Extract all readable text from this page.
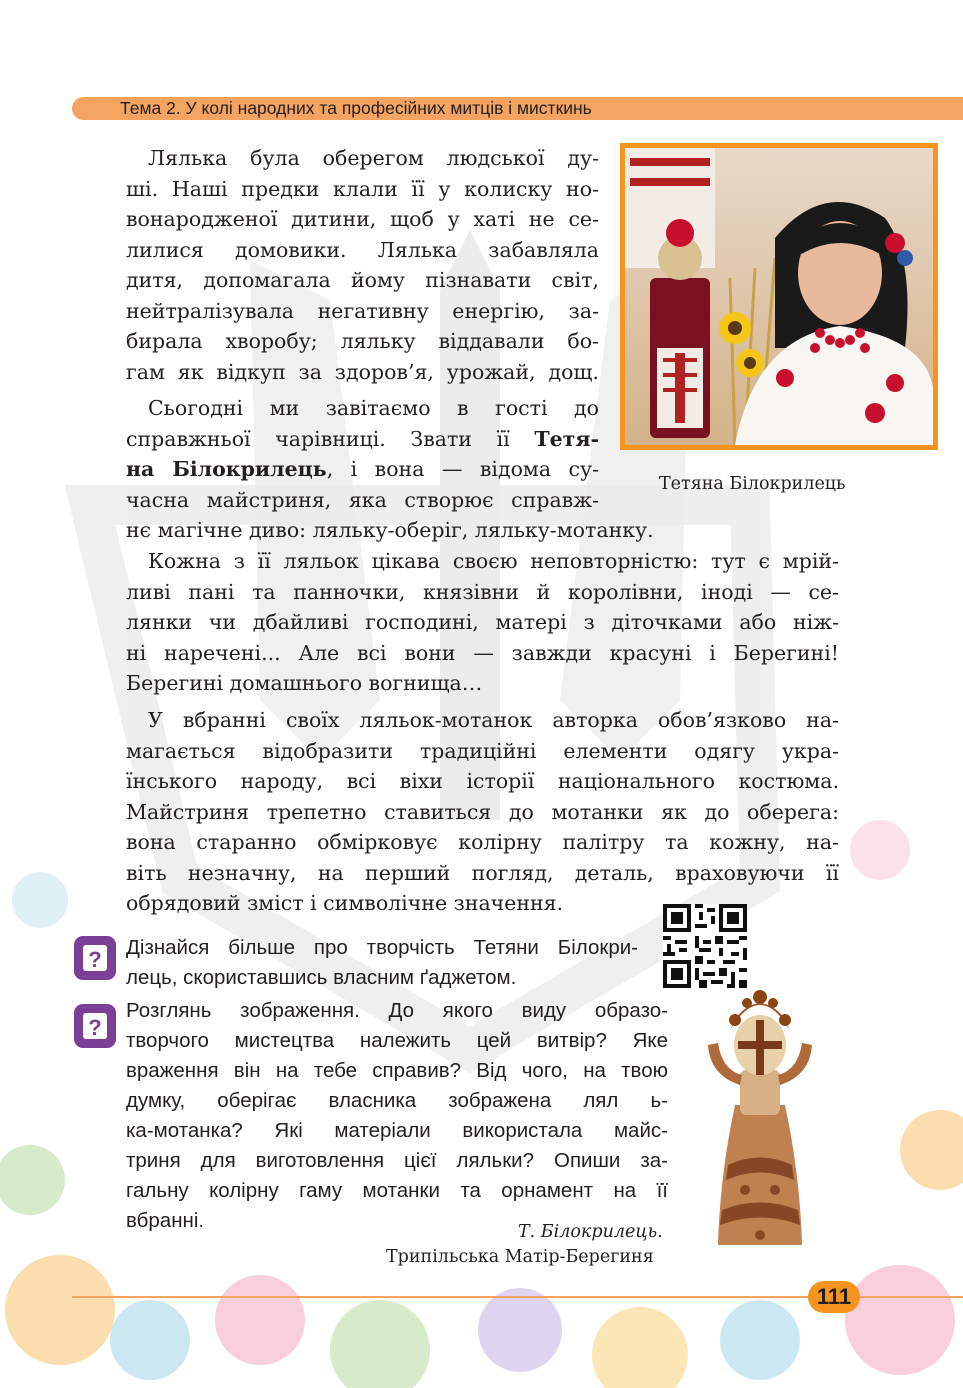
Тема 2. У колі народних та професійних митців і мисткинь
Лялька була оберегом людської ду-
ші. Наші предки клали її у колиску но-
вонародженої дитини, щоб у хаті не се-
лилися домовики. Лялька забавляла
дитя, допомагала йому пізнавати світ,
нейтралізувала негативну енергію, за-
бирала хворобу; ляльку віддавали бо-
гам як відкуп за здоров’я, урожай, дощ.
Сьогодні ми завітаємо в гості до
справжньої чарівниці. Звати її Тетя-
на Білокрилець, і вона — відома су-
часна майстриня, яка створює справж-
нє магічне диво: ляльку-оберіг, ляльку-мотанку.
Тетяна Білокрилець
Кожна з її ляльок цікава своєю неповторністю: тут є мрій-
ливі пані та панночки, князівни й королівни, іноді — се-
лянки чи дбайливі господині, матері з діточками або ніж-
ні наречені... Але всі вони — завжди красуні і Берегині!
Берегині домашнього вогнища…
У вбранні своїх ляльок-мотанок авторка обов’язково на-
магається відобразити традиційні елементи одягу укра-
їнського народу, всі віхи історії національного костюма.
Майстриня трепетно ставиться до мотанки як до оберега:
вона старанно обмірковує колірну палітру та кожну, на-
віть незначну, на перший погляд, деталь, враховуючи її
обрядовий зміст і символічне значення.
? Дізнайся більше про творчість Тетяни Білокри-
лець, скориставшись власним ґаджетом.
?
Розглянь зображення. До якого виду образо-
творчого мистецтва належить цей витвір? Яке
враження він на тебе справив? Від чого, на твою
думку, оберігає власника зображена лял ь-
ка-мотанка? Які матеріали використала майс-
триня для виготовлення цієї ляльки? Опиши за-
гальну колірну гаму мотанки та орнамент на її
вбранні.	Т. Білокрилець.
Трипільська Матір-Берегиня
111
